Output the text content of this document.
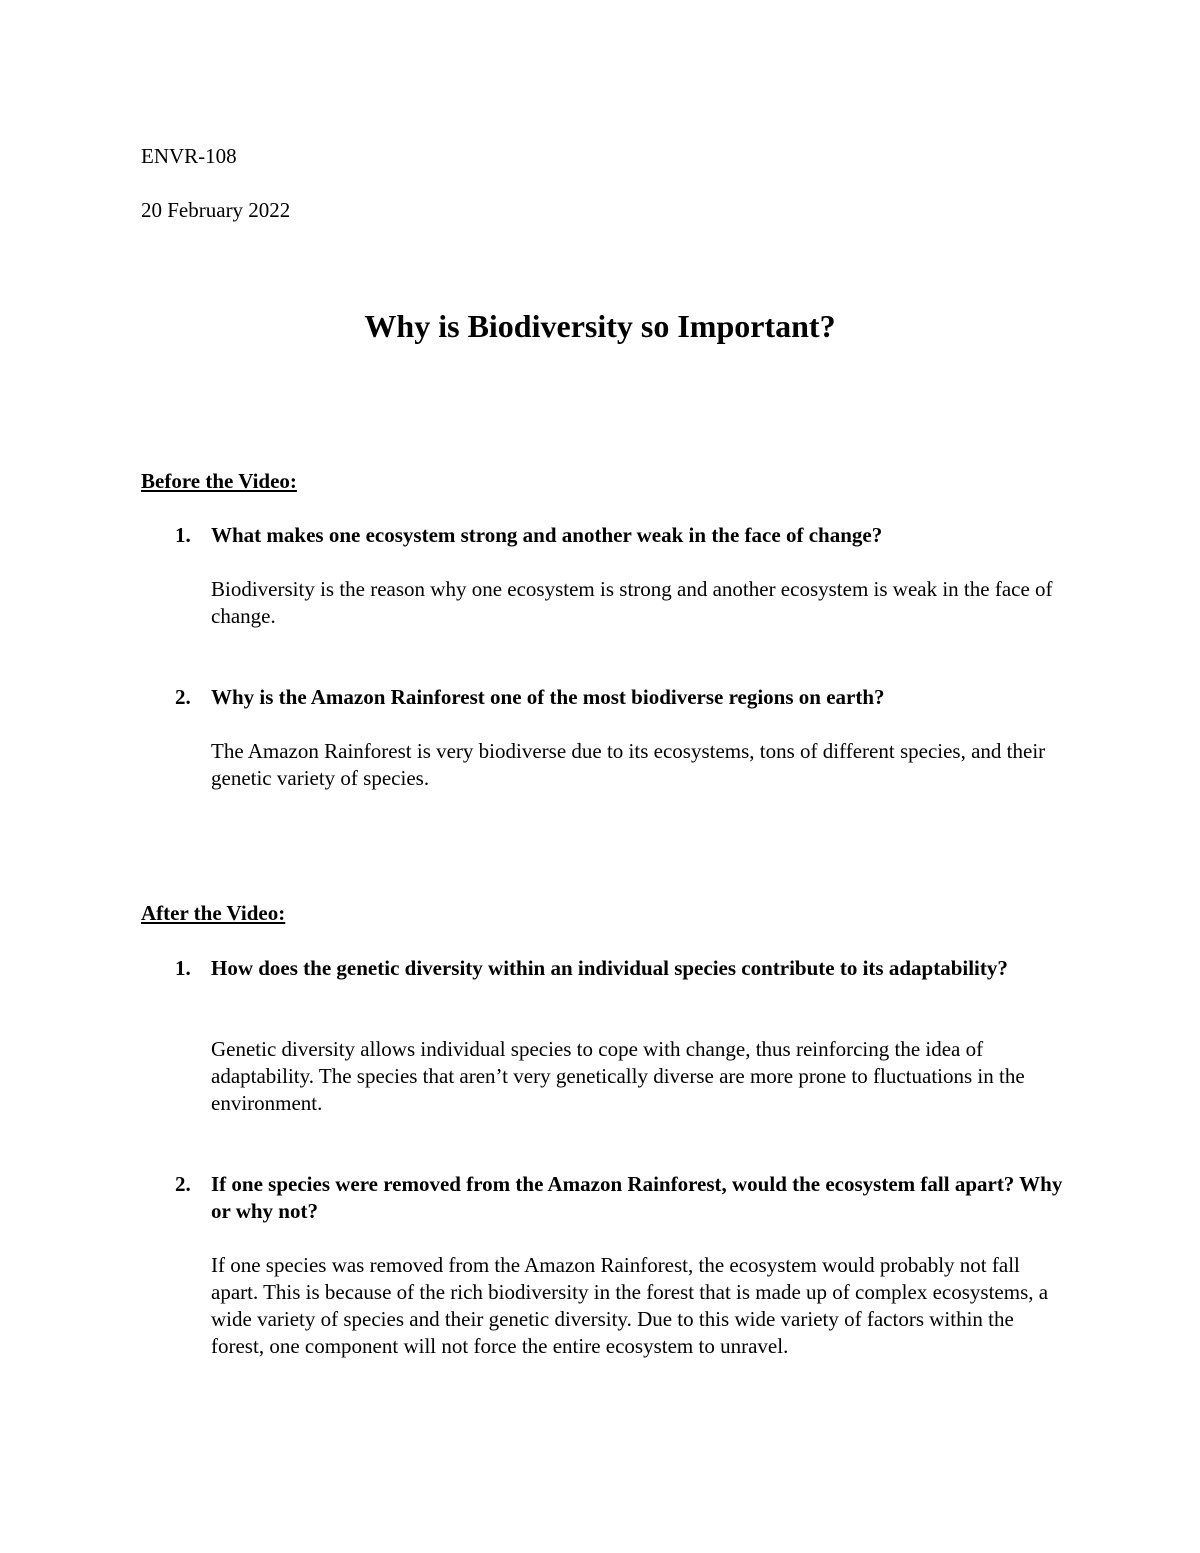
ENVR-108

20 February 2022

Why is Biodiversity so Important?

Before the Video:

1. What makes one ecosystem strong and another weak in the face of change?

Biodiversity is the reason why one ecosystem is strong and another ecosystem is weak in the face of change.

2. Why is the Amazon Rainforest one of the most biodiverse regions on earth?

The Amazon Rainforest is very biodiverse due to its ecosystems, tons of different species, and their genetic variety of species.

After the Video:

1. How does the genetic diversity within an individual species contribute to its adaptability?

Genetic diversity allows individual species to cope with change, thus reinforcing the idea of adaptability. The species that aren’t very genetically diverse are more prone to fluctuations in the environment.

2. If one species were removed from the Amazon Rainforest, would the ecosystem fall apart? Why or why not?

If one species was removed from the Amazon Rainforest, the ecosystem would probably not fall apart. This is because of the rich biodiversity in the forest that is made up of complex ecosystems, a wide variety of species and their genetic diversity. Due to this wide variety of factors within the forest, one component will not force the entire ecosystem to unravel.
